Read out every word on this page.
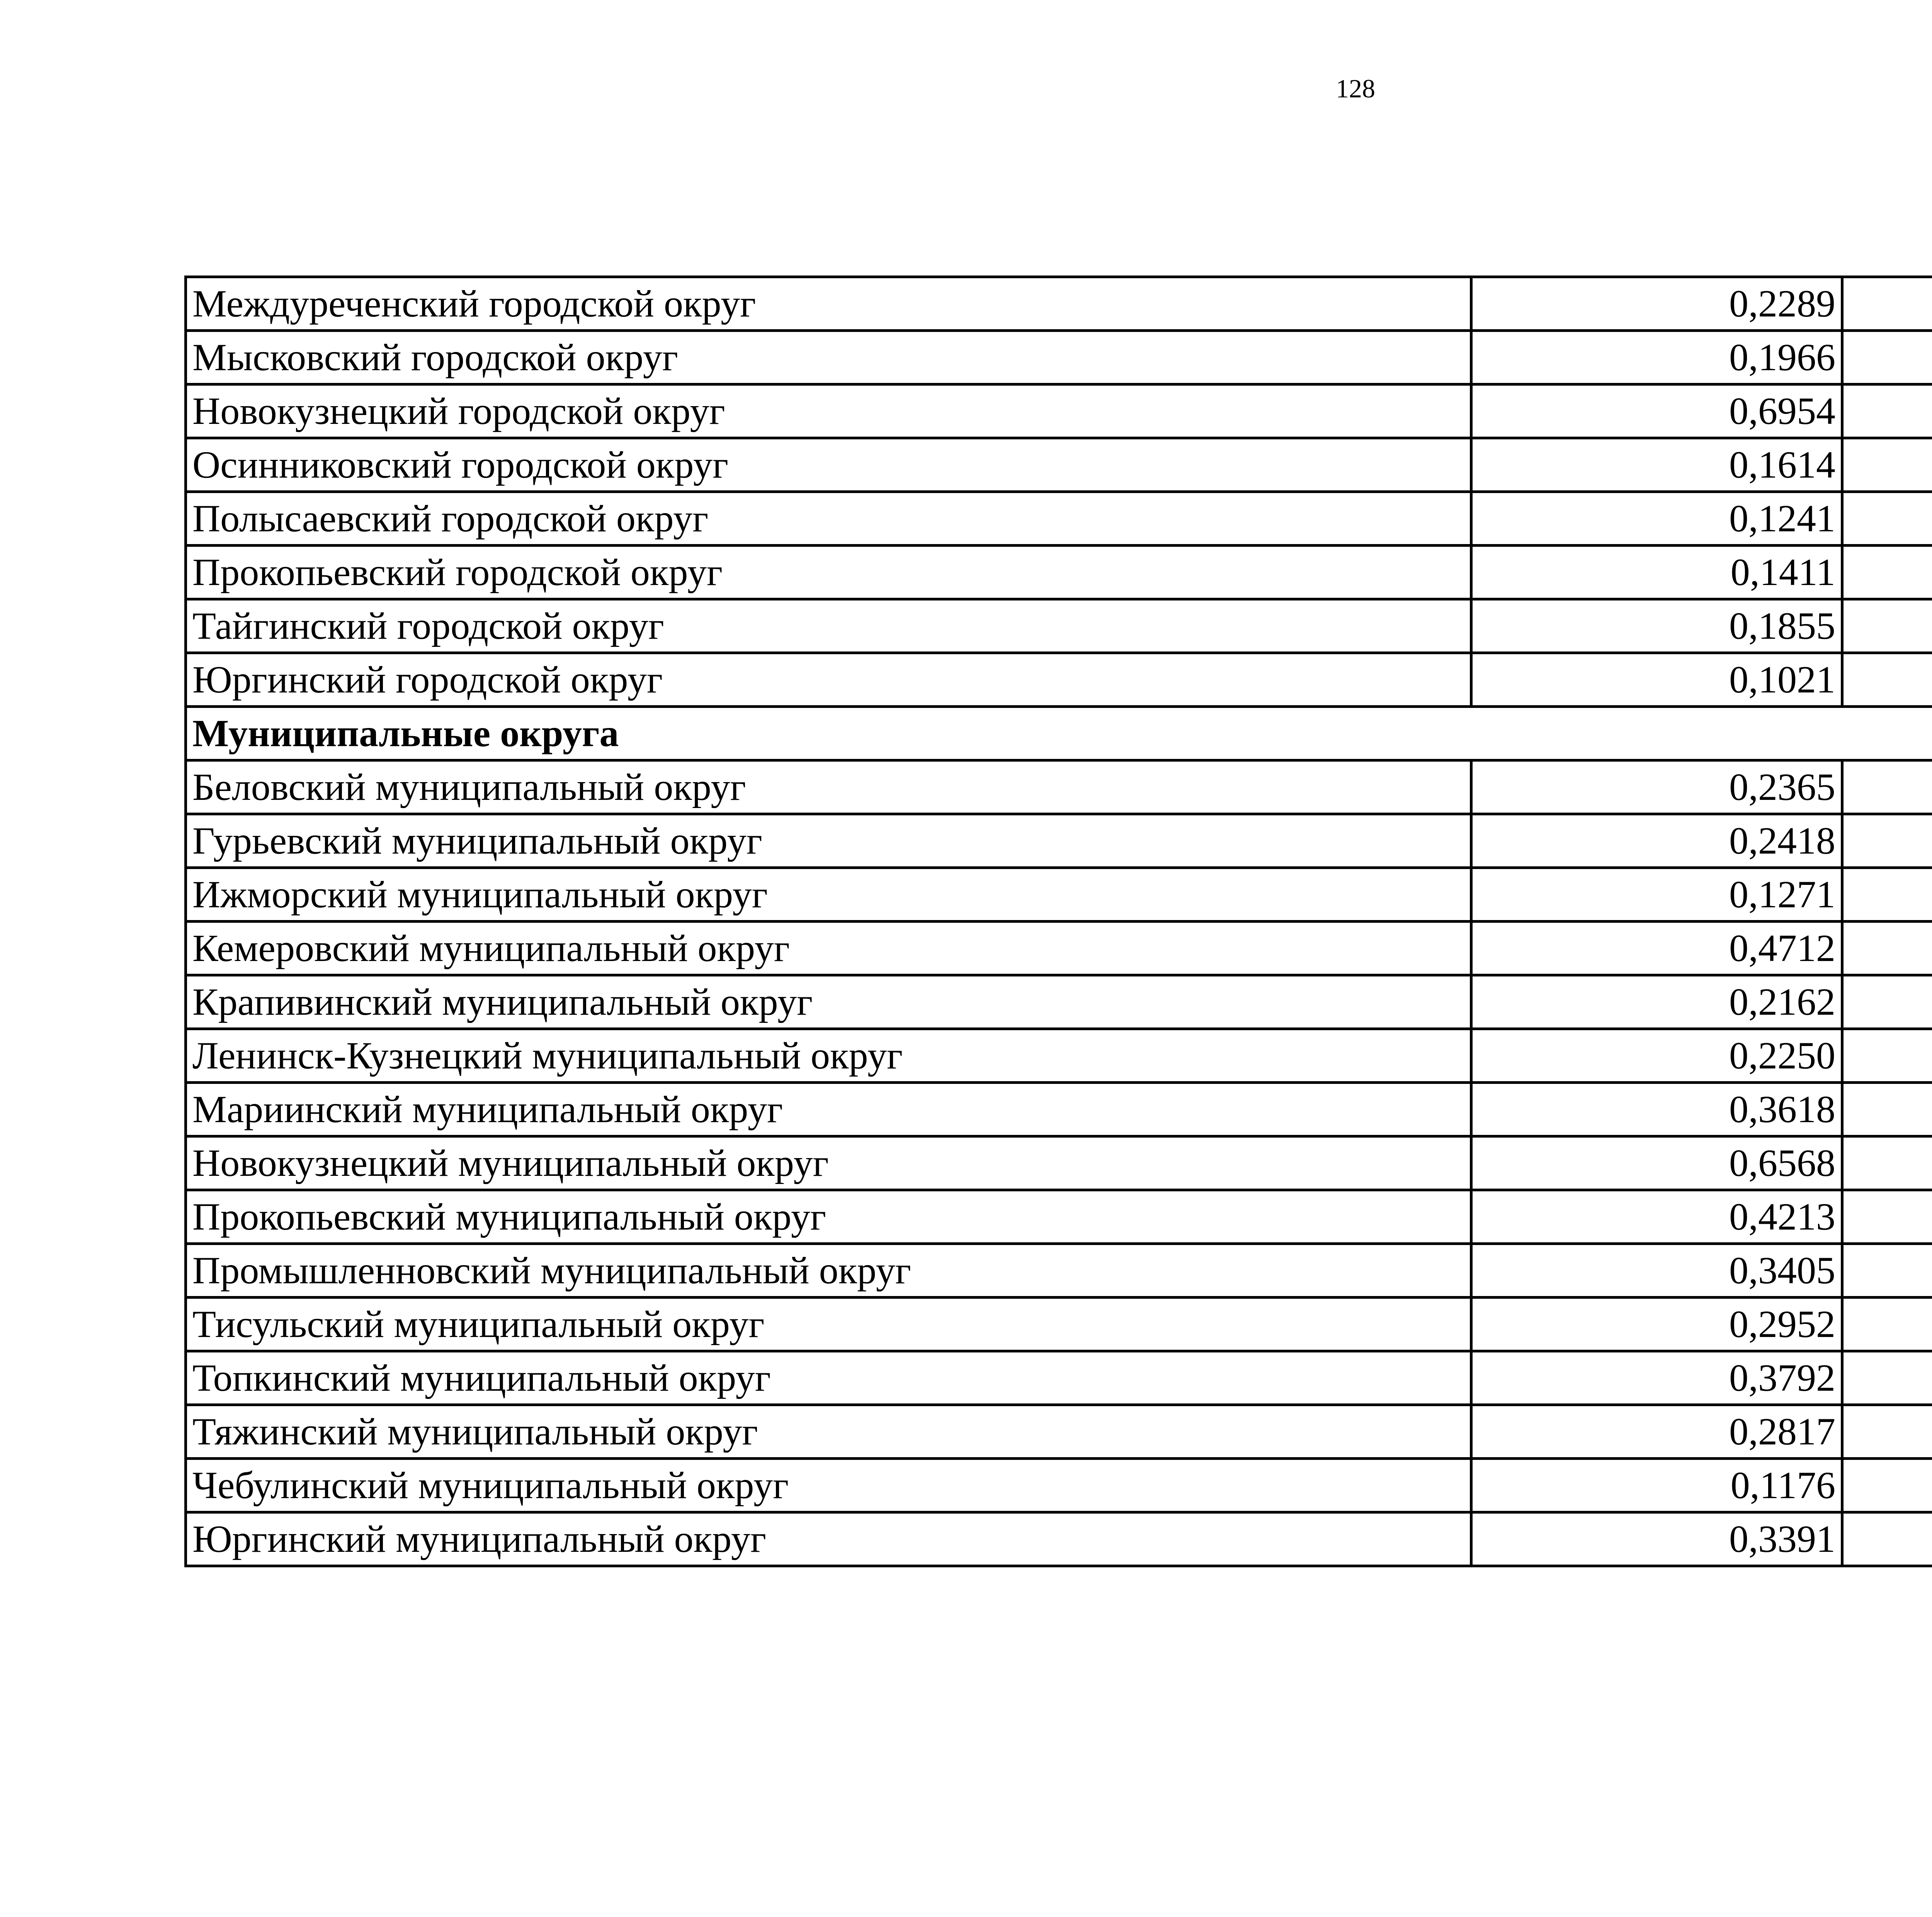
128
Междуреченский городской округ	0,2289		
Мысковский городской округ	0,1966		
Новокузнецкий городской округ	0,6954		
Осинниковский городской округ	0,1614		
Полысаевский городской округ	0,1241		
Прокопьевский городской округ	0,1411		
Тайгинский городской округ	0,1855		
Юргинский городской округ	0,1021		
Муниципальные округа			
Беловский муниципальный округ	0,2365		
Гурьевский муниципальный округ	0,2418		
Ижморский муниципальный округ	0,1271		
Кемеровский муниципальный округ	0,4712		
Крапивинский муниципальный округ	0,2162		
Ленинск-Кузнецкий муниципальный округ	0,2250		
Мариинский муниципальный округ	0,3618		
Новокузнецкий муниципальный округ	0,6568		
Прокопьевский муниципальный округ	0,4213		
Промышленновский муниципальный округ	0,3405		
Тисульский муниципальный округ	0,2952		
Топкинский муниципальный округ	0,3792		
Тяжинский муниципальный округ	0,2817		
Чебулинский муниципальный округ	0,1176		
Юргинский муниципальный округ	0,3391		
